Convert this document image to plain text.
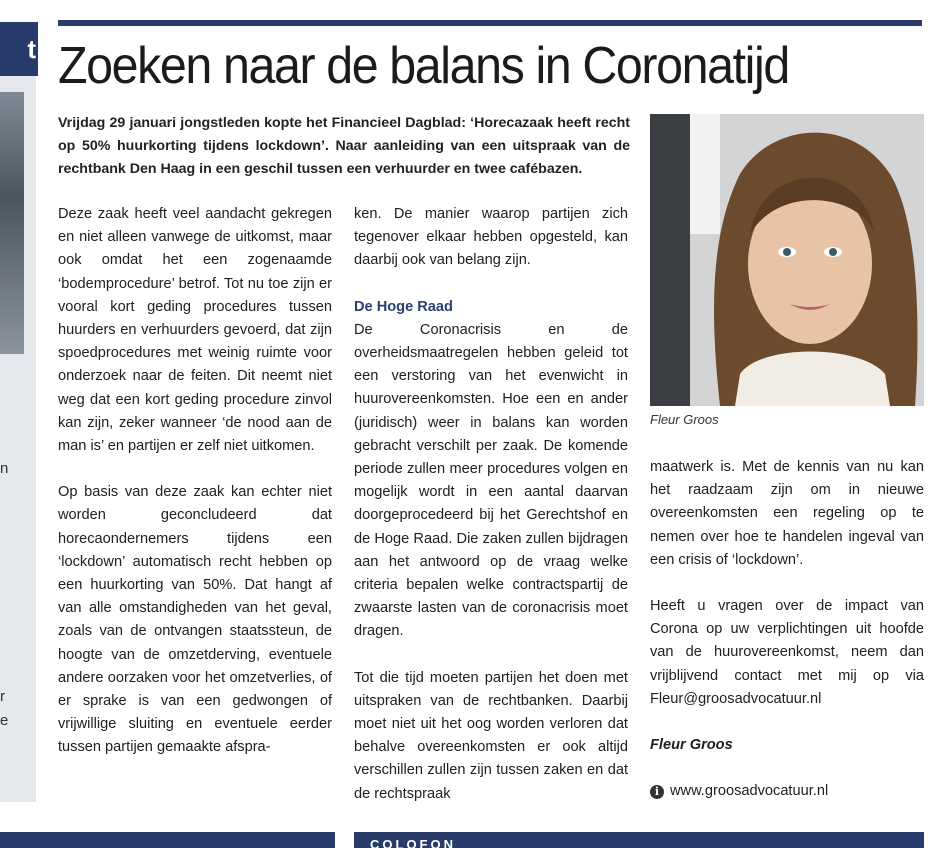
t
n
r
e
Zoeken naar de balans in Coronatijd
Vrijdag 29 januari jongstleden kopte het Financieel Dagblad: ‘Horecazaak heeft recht op 50% huurkorting tijdens lockdown’. Naar aanleiding van een uitspraak van de rechtbank Den Haag in een geschil tussen een verhuurder en twee cafébazen.

Deze zaak heeft veel aandacht gekregen en niet alleen vanwege de uitkomst, maar ook omdat het een zogenaamde ‘bodemprocedure’ betrof. Tot nu toe zijn er vooral kort geding procedures tussen huurders en verhuurders gevoerd, dat zijn spoedprocedures met weinig ruimte voor onderzoek naar de feiten. Dit neemt niet weg dat een kort geding procedure zinvol kan zijn, zeker wanneer ‘de nood aan de man is’ en partijen er zelf niet uitkomen.

Op basis van deze zaak kan echter niet worden geconcludeerd dat horecaondernemers tijdens een ‘lockdown’ automatisch recht hebben op een huurkorting van 50%. Dat hangt af van alle omstandigheden van het geval, zoals van de ontvangen staatssteun, de hoogte van de omzetderving, eventuele andere oorzaken voor het omzetverlies, of er sprake is van een gedwongen of vrijwillige sluiting en eventuele eerder tussen partijen gemaakte afspra-

ken. De manier waarop partijen zich tegenover elkaar hebben opgesteld, kan daarbij ook van belang zijn.

De Hoge Raad

De Coronacrisis en de overheidsmaatregelen hebben geleid tot een verstoring van het evenwicht in huurovereenkomsten. Hoe een en ander (juridisch) weer in balans kan worden gebracht verschilt per zaak. De komende periode zullen meer procedures volgen en mogelijk wordt in een aantal daarvan doorgeprocedeerd bij het Gerechtshof en de Hoge Raad. Die zaken zullen bijdragen aan het antwoord op de vraag welke criteria bepalen welke contractspartij de zwaarste lasten van de coronacrisis moet dragen.

Tot die tijd moeten partijen het doen met uitspraken van de rechtbanken. Daarbij moet niet uit het oog worden verloren dat behalve overeenkomsten er ook altijd verschillen zullen zijn tussen zaken en dat de rechtspraak

Fleur Groos

maatwerk is. Met de kennis van nu kan het raadzaam zijn om in nieuwe overeenkomsten een regeling op te nemen over hoe te handelen ingeval van een crisis of ‘lockdown’.

Heeft u vragen over de impact van Corona op uw verplichtingen uit hoofde van de huurovereenkomst, neem dan vrijblijvend contact met mij op via Fleur@groosadvocatuur.nl

Fleur Groos

i www.groosadvocatuur.nl
COLOFON
